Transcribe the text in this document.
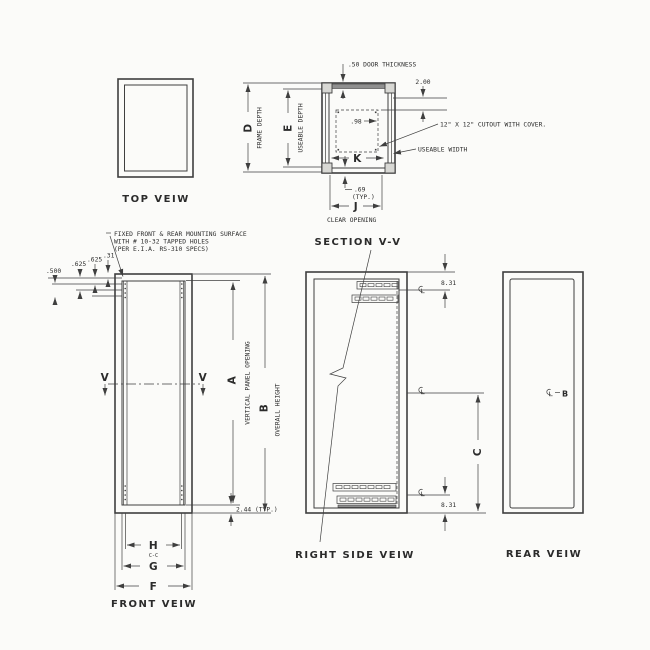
TOP VEIW
D FRAME DEPTH E USEABLE DEPTH
.50 DOOR THICKNESS
2.00
.98	12" X 12" CUTOUT WITH COVER.
USEABLE WIDTH
K
.69
(TYP.)
J
CLEAR OPENING
SECTION V-V
FIXED FRONT & REAR MOUNTING SURFACE
WITH # 10-32 TAPPED HOLES
(PER E.I.A. RS-310 SPECS)
.500
.625
.625
.31
V	V A VERTICAL PANEL OPENING B OVERALL HEIGHT
2.44 (TYP.)
H
C-C
G
F
FRONT VEIW
8.31
8.31
C
RIGHT SIDE VEIW
B
REAR VEIW
